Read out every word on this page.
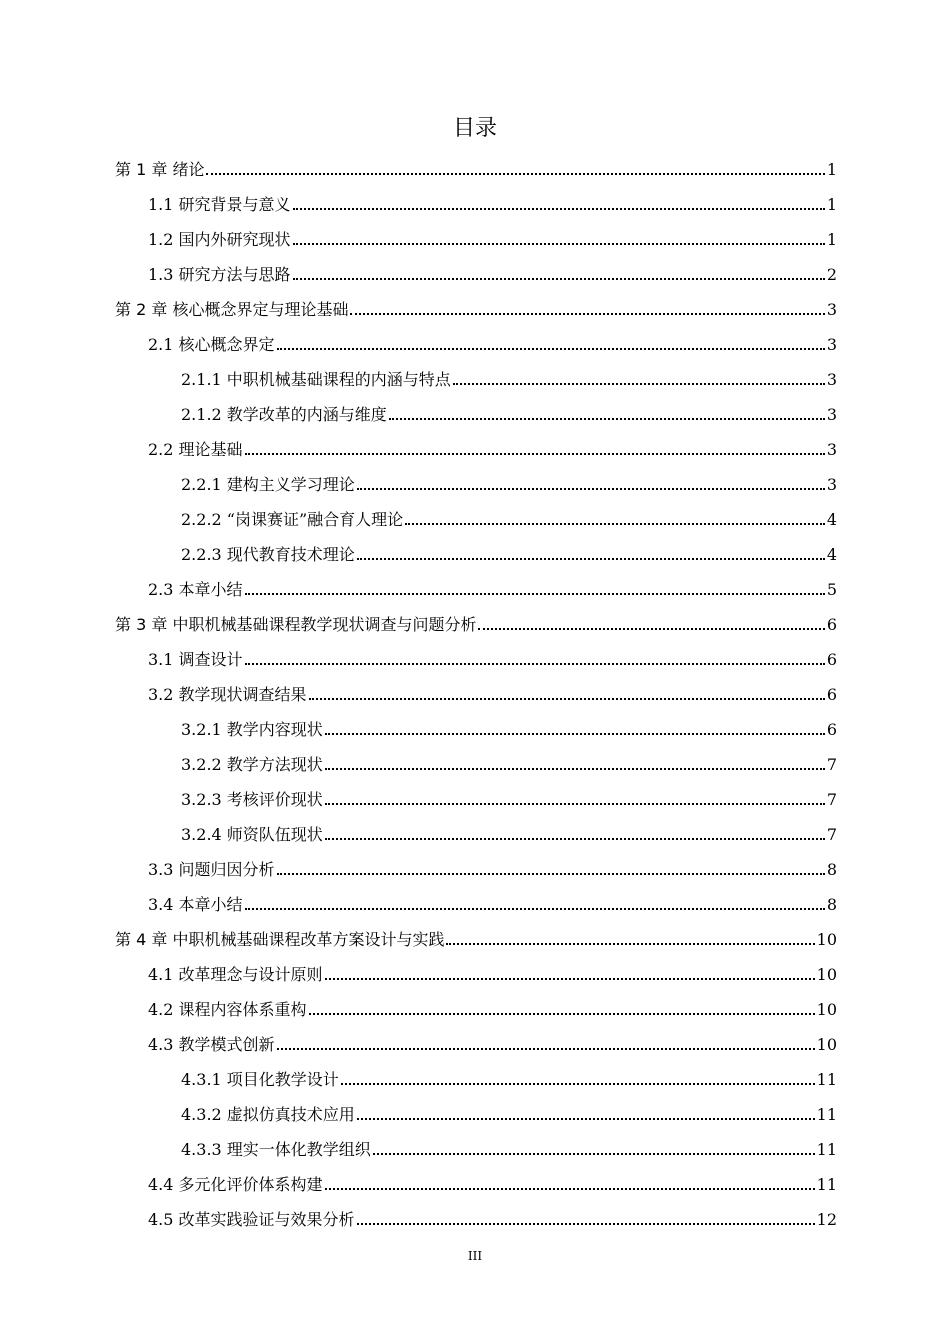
目录
第 1 章 绪论	1
1.1 研究背景与意义	1
1.2 国内外研究现状	1
1.3 研究方法与思路	2
第 2 章 核心概念界定与理论基础	3
2.1 核心概念界定	3
2.1.1 中职机械基础课程的内涵与特点	3
2.1.2 教学改革的内涵与维度	3
2.2 理论基础	3
2.2.1 建构主义学习理论	3
2.2.2 “岗课赛证”融合育人理论	4
2.2.3 现代教育技术理论	4
2.3 本章小结	5
第 3 章 中职机械基础课程教学现状调查与问题分析	6
3.1 调查设计	6
3.2 教学现状调查结果	6
3.2.1 教学内容现状	6
3.2.2 教学方法现状	7
3.2.3 考核评价现状	7
3.2.4 师资队伍现状	7
3.3 问题归因分析	8
3.4 本章小结	8
第 4 章 中职机械基础课程改革方案设计与实践	10
4.1 改革理念与设计原则	10
4.2 课程内容体系重构	10
4.3 教学模式创新	10
4.3.1 项目化教学设计	11
4.3.2 虚拟仿真技术应用	11
4.3.3 理实一体化教学组织	11
4.4 多元化评价体系构建	11
4.5 改革实践验证与效果分析	12
III
